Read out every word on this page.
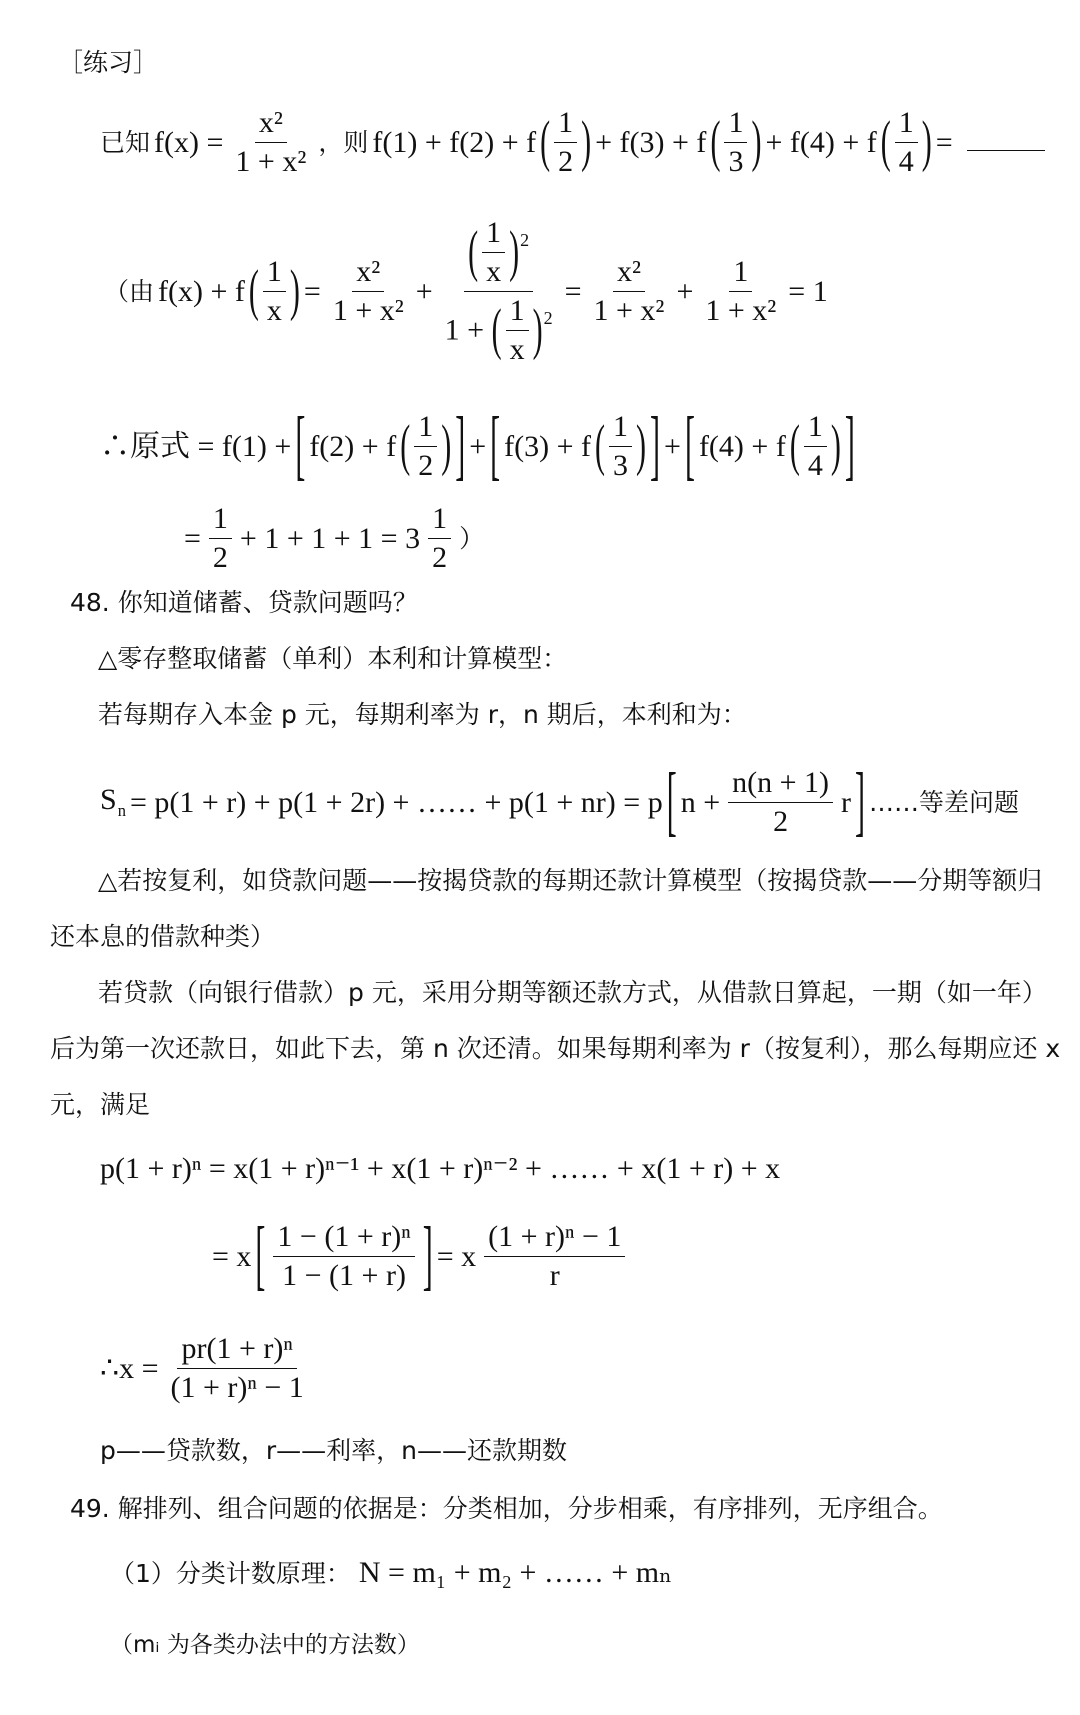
［练习］
已知 $f(x) = \frac{\text{x²}}{\text{1 + x²}}$ ，则 f(1) + f(2) + f ( $\frac{1}{2}$ ) + f(3) + f ( $\frac{1}{3}$ ) + f(4) + f ( $\frac{1}{4}$ ) =
（由 f(x) + f ( $\frac{1}{x}$ ) = $\frac{\text{x²}}{\text{1 + x²}} + \frac{( \frac{1}{x} ) ^2}{1 + ( \frac{1}{x} ) ^2} = \frac{\text{x²}}{\text{1 + x²}} + \frac{1}{\text{1 + x²}} = 1$
∴原式 = f(1) + [ f(2) + f ( $\frac{1}{2}$ ) ] + [ f(3) + f ( $\frac{1}{3}$ ) ] + [ f(4) + f ( $\frac{1}{4}$ ) ]
= $\frac{1}{2} + 1 + 1 + 1 = 3 \frac{1}{2}$ ）
48. 你知道储蓄、贷款问题吗？
△零存整取储蓄（单利）本利和计算模型：
若每期存入本金 p 元，每期利率为 r，n 期后，本利和为：
$S_n = p(1 + r) + p(1 + 2r)$ + …… + p(1 + nr) = p [ $n + \frac{n(n + 1)}{2}$ r ] ……等差问题
△若按复利，如贷款问题——按揭贷款的每期还款计算模型（按揭贷款——分期等额归
还本息的借款种类）
若贷款（向银行借款）p 元，采用分期等额还款方式，从借款日算起，一期（如一年）
后为第一次还款日，如此下去，第 n 次还清。如果每期利率为 r（按复利），那么每期应还 x
元，满足
p(1 + r)ⁿ = x(1 + r)ⁿ⁻¹ + x(1 + r)ⁿ⁻² + …… + x(1 + r) + x
= x [ $\frac{\text{1 − (1 + r)ⁿ}}{1 - (1 + r)}$ ] = x $\frac{\text{(1 + r)ⁿ − 1}}{r}$
∴x = $\frac{\text{pr(1 + r)ⁿ}}{\text{(1 + r)ⁿ − 1}}$
p——贷款数，r——利率，n——还款期数
49. 解排列、组合问题的依据是：分类相加，分步相乘，有序排列，无序组合。
（1）分类计数原理： N = m₁ + m₂ + …… + mₙ
（mᵢ 为各类办法中的方法数）
